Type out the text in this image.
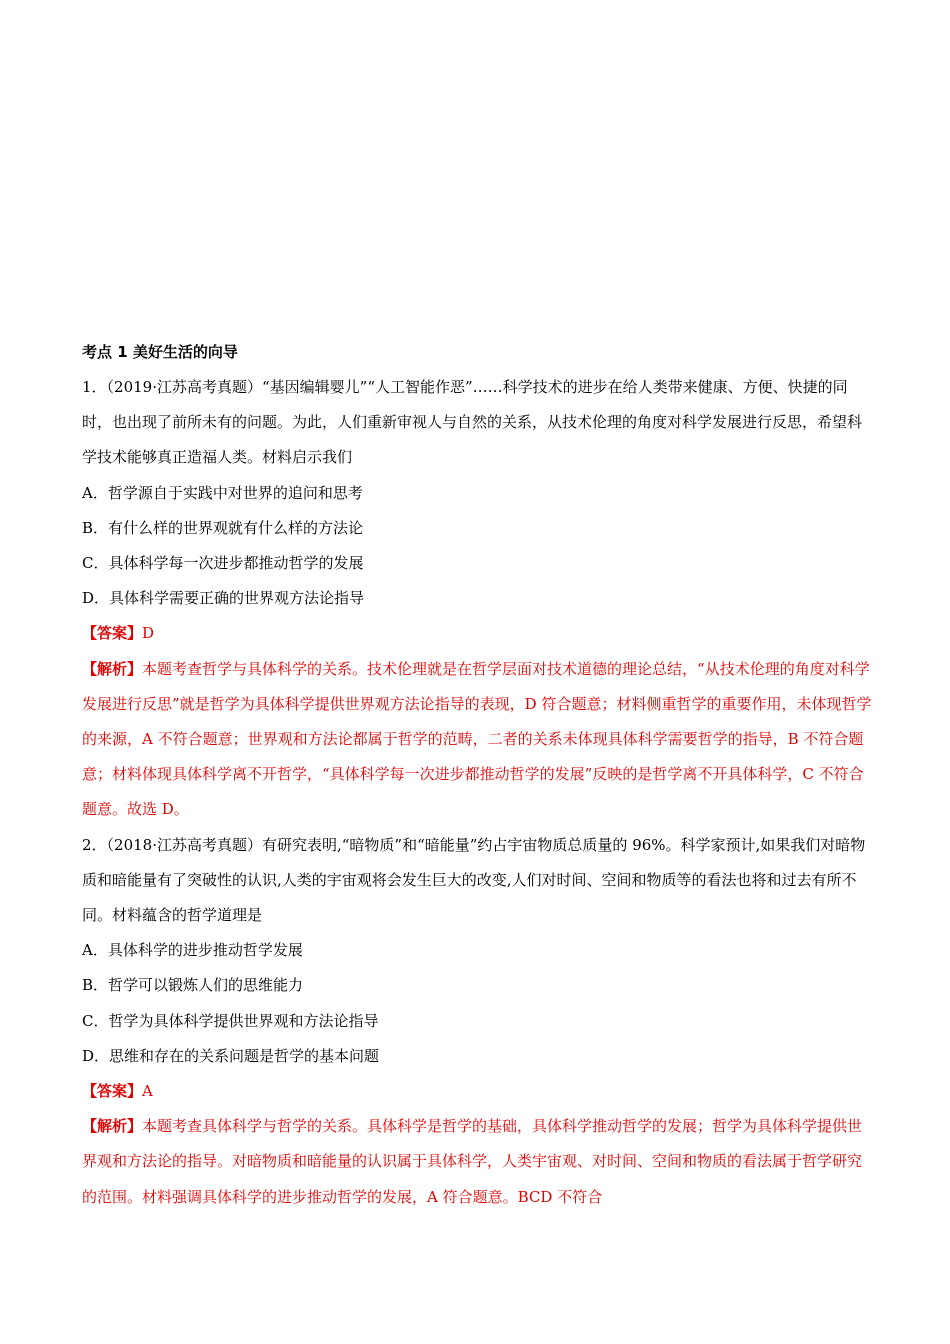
考点 1 美好生活的向导

1．（2019·江苏高考真题）“基因编辑婴儿”“人工智能作恶”……科学技术的进步在给人类带来健康、方便、快捷的同时，也出现了前所未有的问题。为此，人们重新审视人与自然的关系，从技术伦理的角度对科学发展进行反思，希望科学技术能够真正造福人类。材料启示我们

A．哲学源自于实践中对世界的追问和思考

B．有什么样的世界观就有什么样的方法论

C．具体科学每一次进步都推动哲学的发展

D．具体科学需要正确的世界观方法论指导

【答案】D

【解析】本题考查哲学与具体科学的关系。技术伦理就是在哲学层面对技术道德的理论总结，“从技术伦理的角度对科学发展进行反思”就是哲学为具体科学提供世界观方法论指导的表现，D 符合题意；材料侧重哲学的重要作用，未体现哲学的来源，A 不符合题意；世界观和方法论都属于哲学的范畴，二者的关系未体现具体科学需要哲学的指导，B 不符合题意；材料体现具体科学离不开哲学，“具体科学每一次进步都推动哲学的发展”反映的是哲学离不开具体科学，C 不符合题意。故选 D。

2．（2018·江苏高考真题）有研究表明,“暗物质”和“暗能量”约占宇宙物质总质量的 96%。科学家预计,如果我们对暗物质和暗能量有了突破性的认识,人类的宇宙观将会发生巨大的改变,人们对时间、空间和物质等的看法也将和过去有所不同。材料蕴含的哲学道理是

A．具体科学的进步推动哲学发展

B．哲学可以锻炼人们的思维能力

C．哲学为具体科学提供世界观和方法论指导

D．思维和存在的关系问题是哲学的基本问题

【答案】A

【解析】本题考查具体科学与哲学的关系。具体科学是哲学的基础，具体科学推动哲学的发展；哲学为具体科学提供世界观和方法论的指导。对暗物质和暗能量的认识属于具体科学，人类宇宙观、对时间、空间和物质的看法属于哲学研究的范围。材料强调具体科学的进步推动哲学的发展，A 符合题意。BCD 不符合
